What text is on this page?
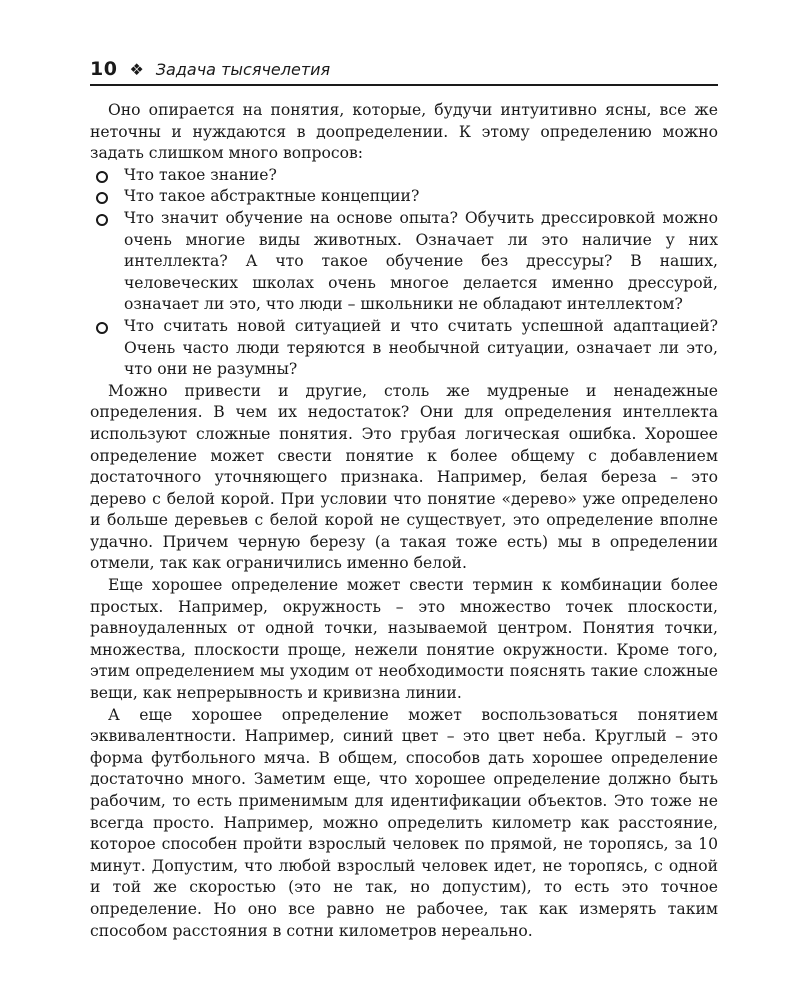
10 ❖ Задача тысячелетия

Оно опирается на понятия, которые, будучи интуитивно ясны, все же неточны и нуждаются в доопределении. К этому определению можно задать слишком много вопросов:

Что такое знание?
Что такое абстрактные концепции?
Что значит обучение на основе опыта? Обучить дрессировкой можно очень многие виды животных. Означает ли это наличие у них интеллекта? А что такое обучение без дрессуры? В наших, человеческих школах очень многое делается именно дрессурой, означает ли это, что люди – школьники не обладают интеллектом?
Что считать новой ситуацией и что считать успешной адаптацией? Очень часто люди теряются в необычной ситуации, означает ли это, что они не разумны?

Можно привести и другие, столь же мудреные и ненадежные определения. В чем их недостаток? Они для определения интеллекта используют сложные понятия. Это грубая логическая ошибка. Хорошее определение может свести понятие к более общему с добавлением достаточного уточняющего признака. Например, белая береза – это дерево с белой корой. При условии что понятие «дерево» уже определено и больше деревьев с белой корой не существует, это определение вполне удачно. Причем черную березу (а такая тоже есть) мы в определении отмели, так как ограничились именно белой.

Еще хорошее определение может свести термин к комбинации более простых. Например, окружность – это множество точек плоскости, равноудаленных от одной точки, называемой центром. Понятия точки, множества, плоскости проще, нежели понятие окружности. Кроме того, этим определением мы уходим от необходимости пояснять такие сложные вещи, как непрерывность и кривизна линии.

А еще хорошее определение может воспользоваться понятием эквивалентности. Например, синий цвет – это цвет неба. Круглый – это форма футбольного мяча. В общем, способов дать хорошее определение достаточно много. Заметим еще, что хорошее определение должно быть рабочим, то есть применимым для идентификации объектов. Это тоже не всегда просто. Например, можно определить километр как расстояние, которое способен пройти взрослый человек по прямой, не торопясь, за 10 минут. Допустим, что любой взрослый человек идет, не торопясь, с одной и той же скоростью (это не так, но допустим), то есть это точное определение. Но оно все равно не рабочее, так как измерять таким способом расстояния в сотни километров нереально.
